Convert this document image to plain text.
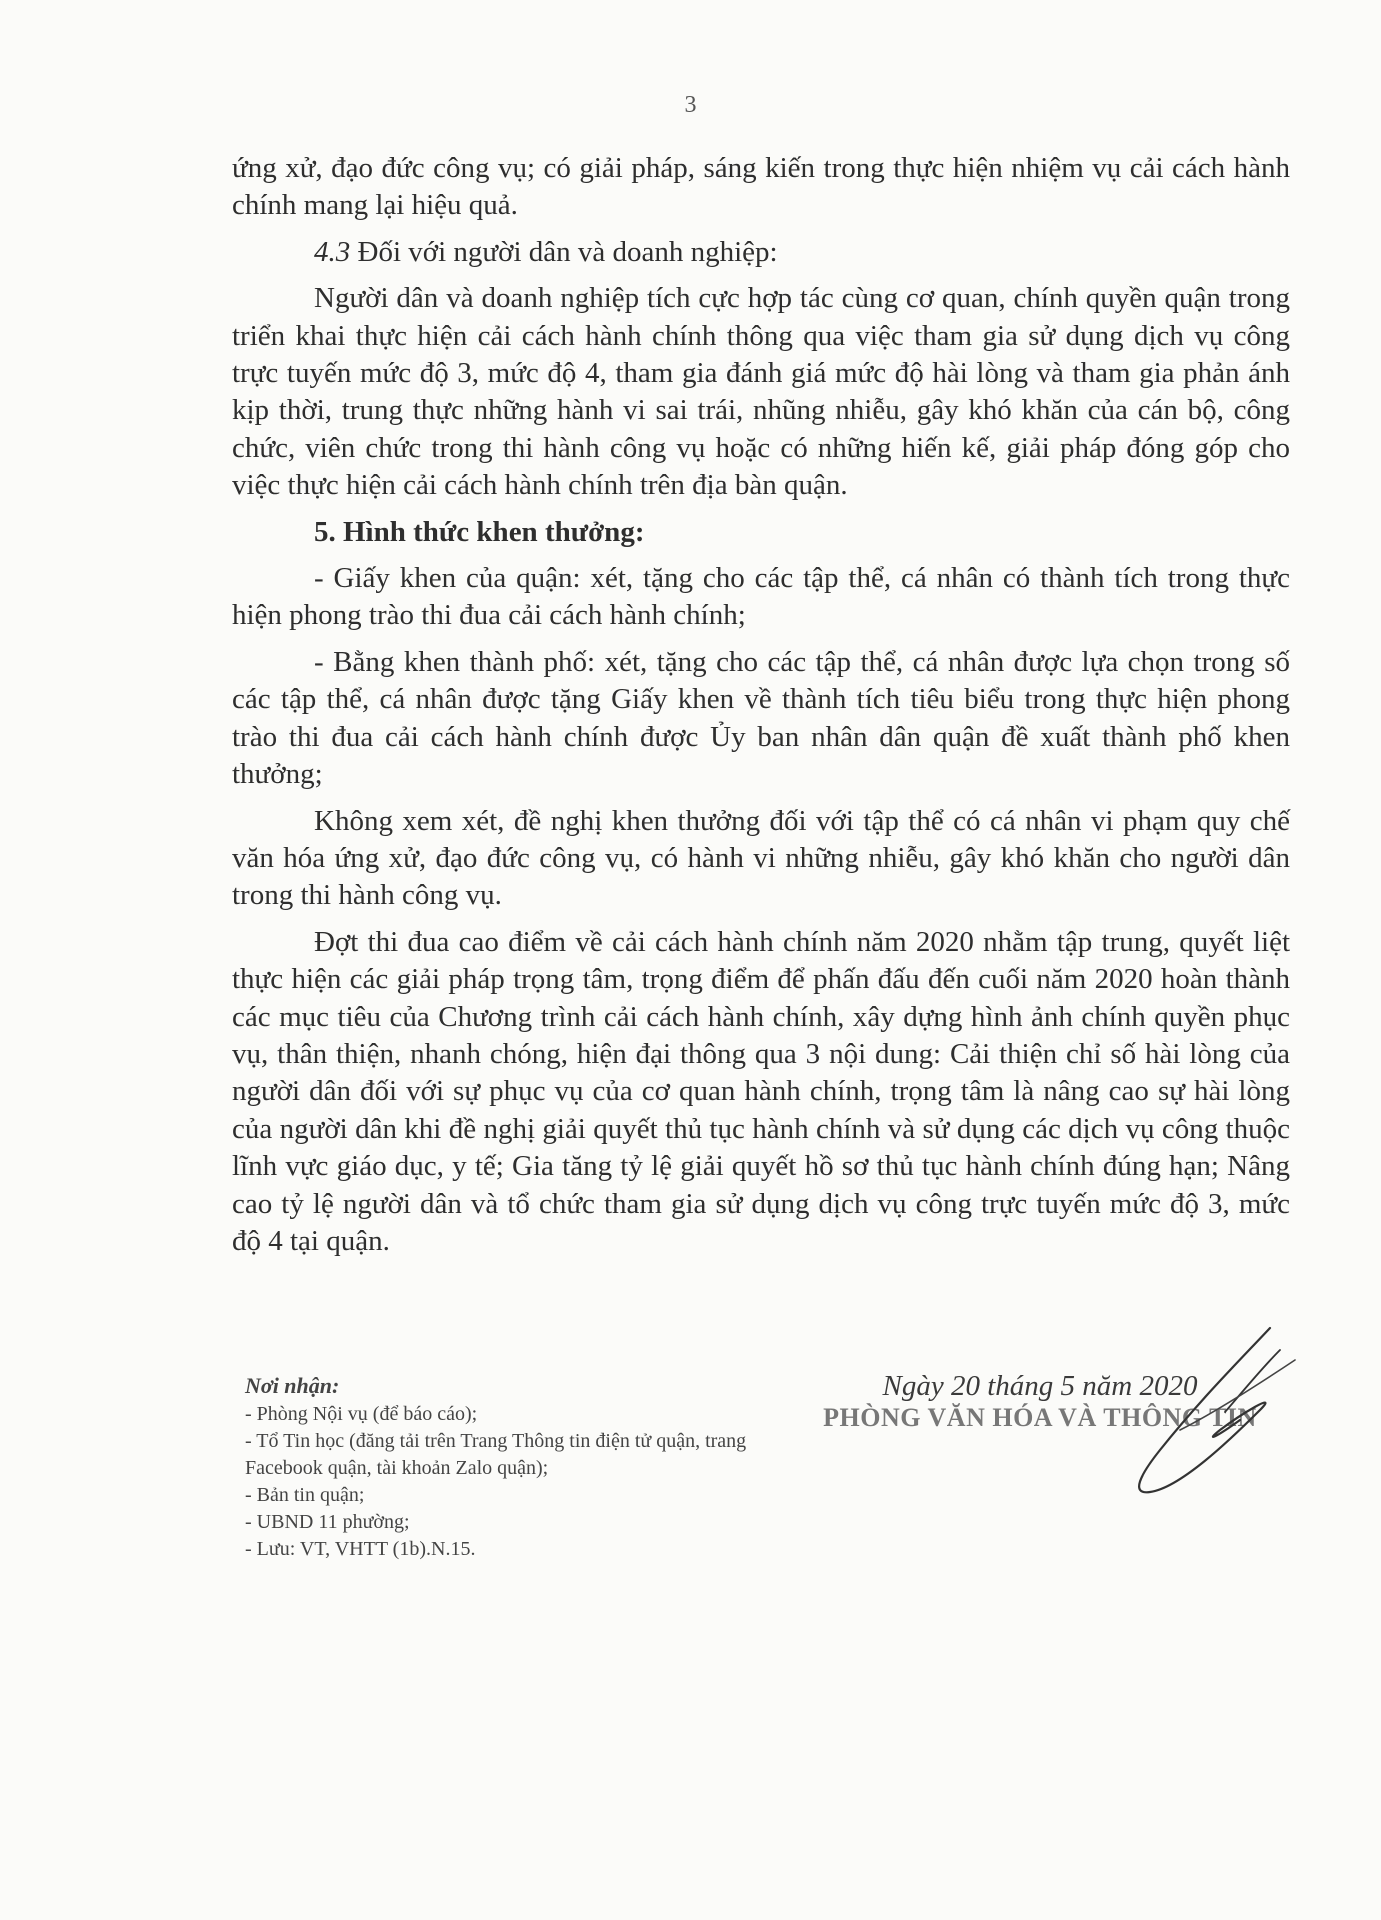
3

ứng xử, đạo đức công vụ; có giải pháp, sáng kiến trong thực hiện nhiệm vụ cải cách hành chính mang lại hiệu quả.

4.3 Đối với người dân và doanh nghiệp:

Người dân và doanh nghiệp tích cực hợp tác cùng cơ quan, chính quyền quận trong triển khai thực hiện cải cách hành chính thông qua việc tham gia sử dụng dịch vụ công trực tuyến mức độ 3, mức độ 4, tham gia đánh giá mức độ hài lòng và tham gia phản ánh kịp thời, trung thực những hành vi sai trái, nhũng nhiễu, gây khó khăn của cán bộ, công chức, viên chức trong thi hành công vụ hoặc có những hiến kế, giải pháp đóng góp cho việc thực hiện cải cách hành chính trên địa bàn quận.

5. Hình thức khen thưởng:

- Giấy khen của quận: xét, tặng cho các tập thể, cá nhân có thành tích trong thực hiện phong trào thi đua cải cách hành chính;

- Bằng khen thành phố: xét, tặng cho các tập thể, cá nhân được lựa chọn trong số các tập thể, cá nhân được tặng Giấy khen về thành tích tiêu biểu trong thực hiện phong trào thi đua cải cách hành chính được Ủy ban nhân dân quận đề xuất thành phố khen thưởng;

Không xem xét, đề nghị khen thưởng đối với tập thể có cá nhân vi phạm quy chế văn hóa ứng xử, đạo đức công vụ, có hành vi những nhiễu, gây khó khăn cho người dân trong thi hành công vụ.

Đợt thi đua cao điểm về cải cách hành chính năm 2020 nhằm tập trung, quyết liệt thực hiện các giải pháp trọng tâm, trọng điểm để phấn đấu đến cuối năm 2020 hoàn thành các mục tiêu của Chương trình cải cách hành chính, xây dựng hình ảnh chính quyền phục vụ, thân thiện, nhanh chóng, hiện đại thông qua 3 nội dung: Cải thiện chỉ số hài lòng của người dân đối với sự phục vụ của cơ quan hành chính, trọng tâm là nâng cao sự hài lòng của người dân khi đề nghị giải quyết thủ tục hành chính và sử dụng các dịch vụ công thuộc lĩnh vực giáo dục, y tế; Gia tăng tỷ lệ giải quyết hồ sơ thủ tục hành chính đúng hạn; Nâng cao tỷ lệ người dân và tổ chức tham gia sử dụng dịch vụ công trực tuyến mức độ 3, mức độ 4 tại quận.

Nơi nhận:
- Phòng Nội vụ (để báo cáo);
- Tổ Tin học (đăng tải trên Trang Thông tin điện tử quận, trang Facebook quận, tài khoản Zalo quận);
- Bản tin quận;
- UBND 11 phường;
- Lưu: VT, VHTT (1b).N.15.
Ngày 20 tháng 5 năm 2020
PHÒNG VĂN HÓA VÀ THÔNG TIN
